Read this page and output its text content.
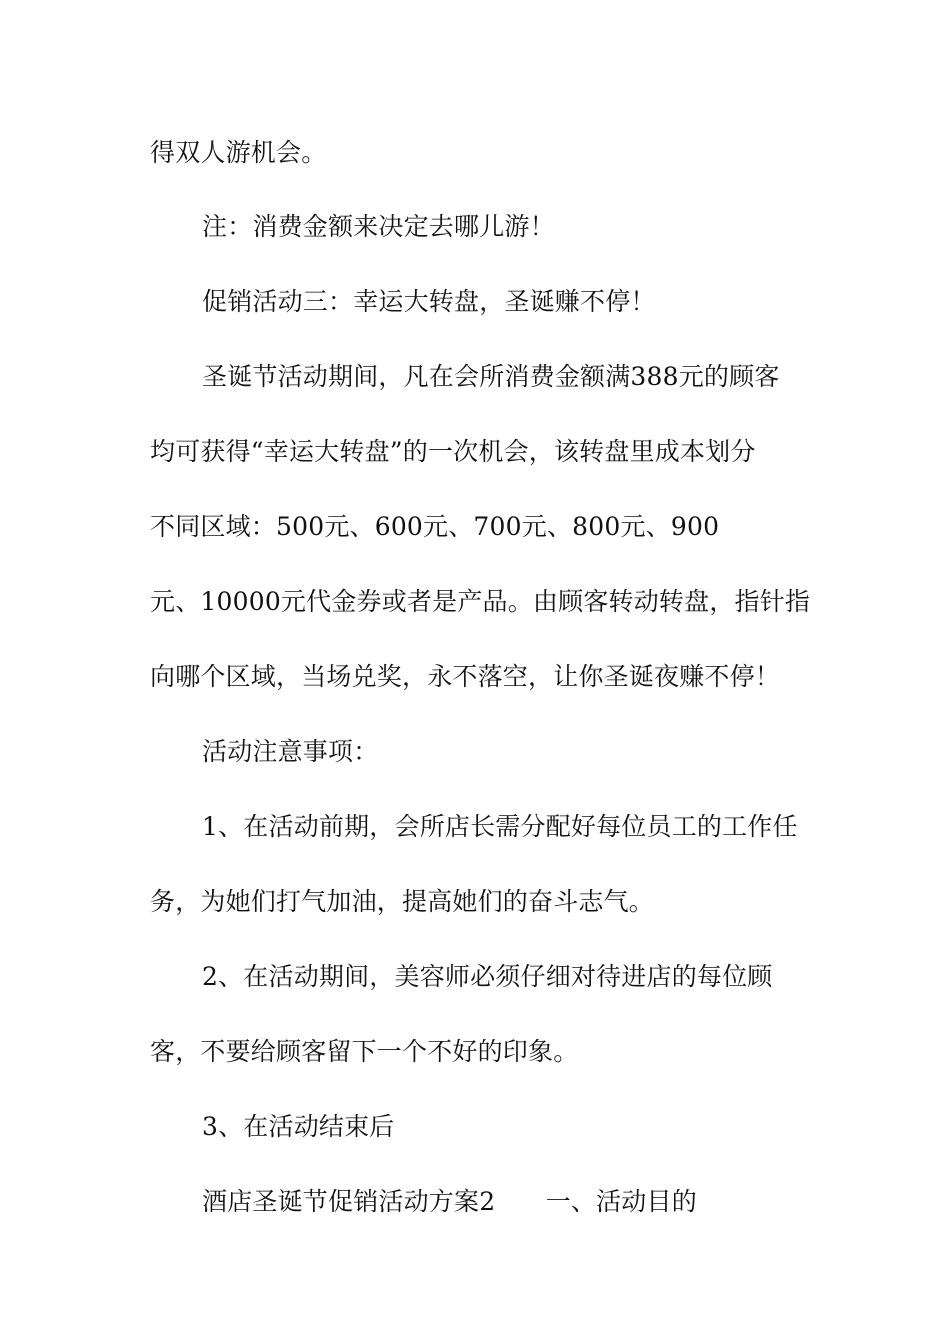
得双人游机会。
注：消费金额来决定去哪儿游！
促销活动三：幸运大转盘，圣诞赚不停！
圣诞节活动期间，凡在会所消费金额满388元的顾客
均可获得“幸运大转盘”的一次机会，该转盘里成本划分
不同区域：500元、600元、700元、800元、900
元、10000元代金券或者是产品。由顾客转动转盘，指针指
向哪个区域，当场兑奖，永不落空，让你圣诞夜赚不停！
活动注意事项：
1、在活动前期，会所店长需分配好每位员工的工作任
务，为她们打气加油，提高她们的奋斗志气。
2、在活动期间，美容师必须仔细对待进店的每位顾
客，不要给顾客留下一个不好的印象。
3、在活动结束后
酒店圣诞节促销活动方案2　　一、活动目的
